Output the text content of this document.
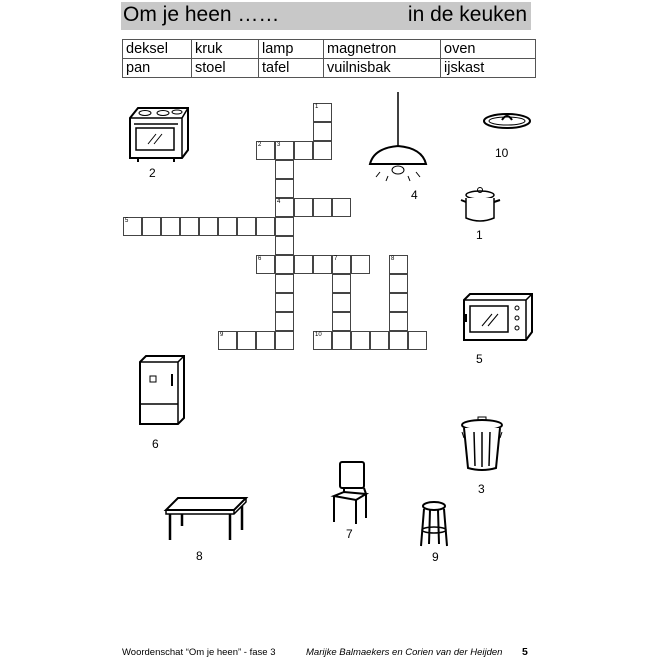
Om je heen ……	in de keuken
deksel	kruk	lamp	magnetron	oven
pan	stoel	tafel	vuilnisbak	ijskast
1
2	3
4
5
6	7	8
9	10
2
4
10
1
5
6
3
7
8	9
Woordenschat “Om je heen” - fase 3	Marijke Balmaekers en Corien van der Heijden 5
